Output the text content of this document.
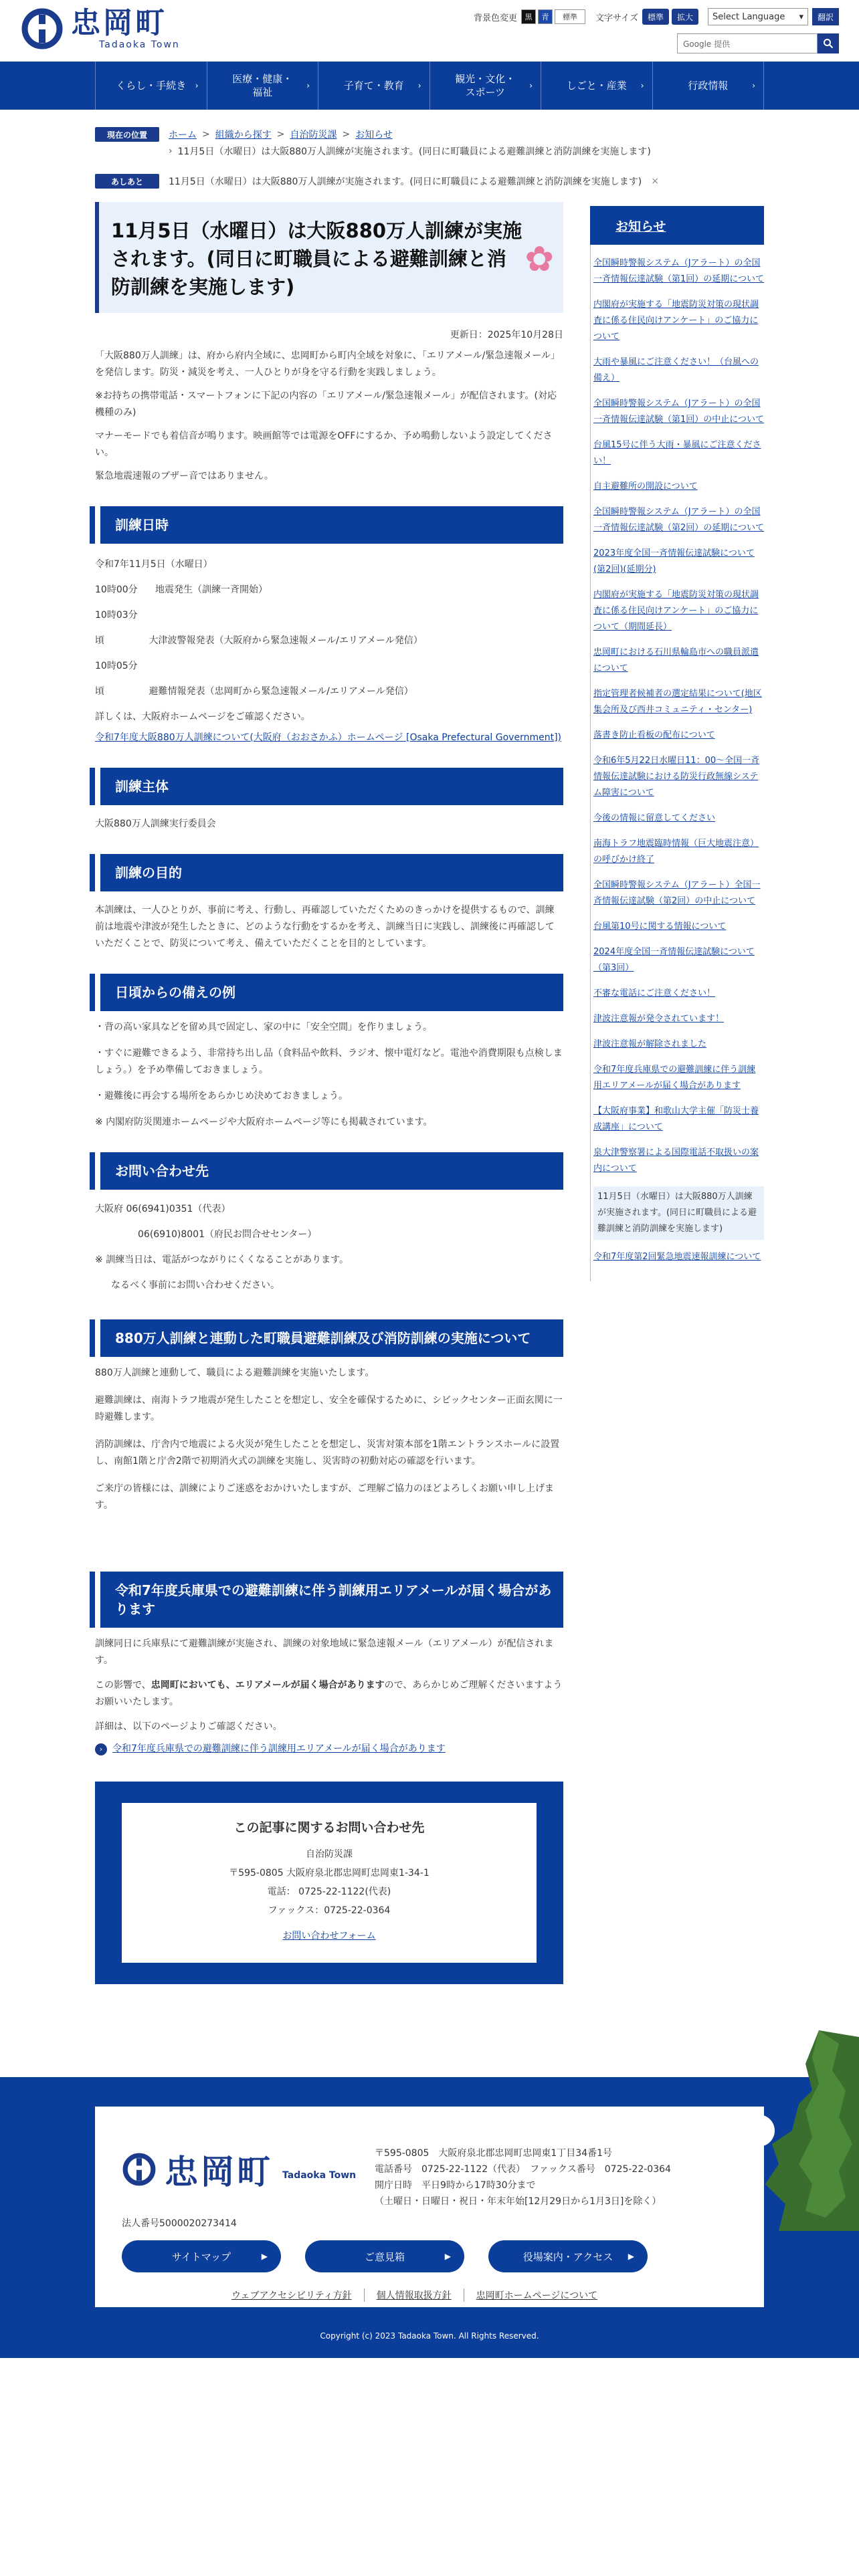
忠岡町
Tadaoka Town
背景色変更	黒	青	標準	文字サイズ	標準	拡大	Select Language ▾	翻訳
Google 提供
くらし・手続き ›
医療・健康・
福祉
›	子育て・教育 ›
観光・文化・
スポーツ
›	しごと・産業 ›	行政情報	›
現在の位置	ホーム > 組織から探す > 自治防災課 > お知らせ
› 11月5日（水曜日）は大阪880万人訓練が実施されます。(同日に町職員による避難訓練と消防訓練を実施します)
あしあと	11月5日（水曜日）は大阪880万人訓練が実施されます。(同日に町職員による避難訓練と消防訓練を実施します) ×
11月5日（水曜日）は大阪880万人訓練が実施されます。(同日に町職員による避難訓練と消防訓練を実施します)
✿
更新日：2025年10月28日

「大阪880万人訓練」は、府から府内全域に、忠岡町から町内全域を対象に、「エリアメール/緊急速報メール」を発信します。防災・減災を考え、一人ひとりが身を守る行動を実践しましょう。

※お持ちの携帯電話・スマートフォンに下記の内容の「エリアメール/緊急速報メール」が配信されます。(対応機種のみ)

マナーモードでも着信音が鳴ります。映画館等では電源をOFFにするか、予め鳴動しないよう設定してください。

緊急地震速報のブザー音ではありません。

訓練日時
令和7年11月5日（水曜日）
10時00分　 地震発生（訓練一斉開始）
10時03分頃	大津波警報発表（大阪府から緊急速報メール/エリアメール発信）
10時05分頃	避難情報発表（忠岡町から緊急速報メール/エリアメール発信）
詳しくは、大阪府ホームページをご確認ください。

令和7年度大阪880万人訓練について(大阪府（おおさかふ）ホームページ [Osaka Prefectural Government])

訓練主体

大阪880万人訓練実行委員会

訓練の目的

本訓練は、一人ひとりが、事前に考え、行動し、再確認していただくためのきっかけを提供するもので、訓練前は地震や津波が発生したときに、どのような行動をするかを考え、訓練当日に実践し、訓練後に再確認していただくことで、防災について考え、備えていただくことを目的としています。

日頃からの備えの例

・背の高い家具などを留め具で固定し、家の中に「安全空間」を作りましょう。

・すぐに避難できるよう、非常持ち出し品（食料品や飲料、ラジオ、懐中電灯など。電池や消費期限も点検しましょう。）を予め準備しておきましょう。

・避難後に再会する場所をあらかじめ決めておきましょう。

※ 内閣府防災関連ホームページや大阪府ホームページ等にも掲載されています。

お問い合わせ先
大阪府 06(6941)0351（代表）
06(6910)8001（府民お問合せセンター）
※ 訓練当日は、電話がつながりにくくなることがあります。
なるべく事前にお問い合わせください。
880万人訓練と連動した町職員避難訓練及び消防訓練の実施について

880万人訓練と連動して、職員による避難訓練を実施いたします。

避難訓練は、南海トラフ地震が発生したことを想定し、安全を確保するために、シビックセンター正面玄関に一時避難します。

消防訓練は、庁舎内で地震による火災が発生したことを想定し、災害対策本部を1階エントランスホールに設置し、南館1階と庁舎2階で初期消火式の訓練を実施し、災害時の初動対応の確認を行います。

ご来庁の皆様には、訓練によりご迷惑をおかけいたしますが、ご理解ご協力のほどよろしくお願い申し上げます。

令和7年度兵庫県での避難訓練に伴う訓練用エリアメールが届く場合があります

訓練同日に兵庫県にて避難訓練が実施され、訓練の対象地域に緊急速報メール（エリアメール）が配信されます。

この影響で、忠岡町においても、エリアメールが届く場合がありますので、あらかじめご理解くださいますようお願いいたします。

詳細は、以下のページよりご確認ください。

› 令和7年度兵庫県での避難訓練に伴う訓練用エリアメールが届く場合があります

この記事に関するお問い合わせ先

自治防災課

〒595-0805 大阪府泉北郡忠岡町忠岡東1-34-1

電話： 0725-22-1122(代表)

ファックス：0725-22-0364

お問い合わせフォーム

お知らせ
全国瞬時警報システム（Jアラート）の全国一斉情報伝達試験（第1回）の延期について
内閣府が実施する「地震防災対策の現状調査に係る住民向けアンケート」のご協力について
大雨や暴風にご注意ください！（台風への備え）
全国瞬時警報システム（Jアラート）の全国一斉情報伝達試験（第1回）の中止について
台風15号に伴う大雨・暴風にご注意ください！
自主避難所の開設について
全国瞬時警報システム（Jアラート）の全国一斉情報伝達試験（第2回）の延期について
2023年度全国一斉情報伝達試験について(第2回)(延期分)
内閣府が実施する「地震防災対策の現状調査に係る住民向けアンケート」のご協力について（期間延長）
忠岡町における石川県輪島市への職員派遣について
指定管理者候補者の選定結果について(地区集会所及び西井コミュニティ・センター)
落書き防止看板の配布について
令和6年5月22日水曜日11：00～全国一斉情報伝達試験における防災行政無線システム障害について
今後の情報に留意してください
南海トラフ地震臨時情報（巨大地震注意）の呼びかけ終了
全国瞬時警報システム（Jアラート）全国一斉情報伝達試験（第2回）の中止について
台風第10号に関する情報について
2024年度全国一斉情報伝達試験について（第3回）
不審な電話にご注意ください！
津波注意報が発令されています！
津波注意報が解除されました
令和7年度兵庫県での避難訓練に伴う訓練用エリアメールが届く場合があります
【大阪府事業】和歌山大学主催「防災士養成講座」について
泉大津警察署による国際電話不取扱いの案内について
11月5日（水曜日）は大阪880万人訓練が実施されます。(同日に町職員による避難訓練と消防訓練を実施します)
令和7年度第2回緊急地震速報訓練について
忠岡町 Tadaoka Town
法人番号5000020273414
〒595-0805　大阪府泉北郡忠岡町忠岡東1丁目34番1号
電話番号　0725-22-1122（代表）　ファックス番号　0725-22-0364
開庁日時　平日9時から17時30分まで
（土曜日・日曜日・祝日・年末年始[12月29日から1月3日]を除く）
サイトマップ	▶	ご意見箱	▶	役場案内・アクセス ▶
ウェブアクセシビリティ方針	個人情報取扱方針	忠岡町ホームページについて
Copyright (c) 2023 Tadaoka Town. All Rights Reserved.
